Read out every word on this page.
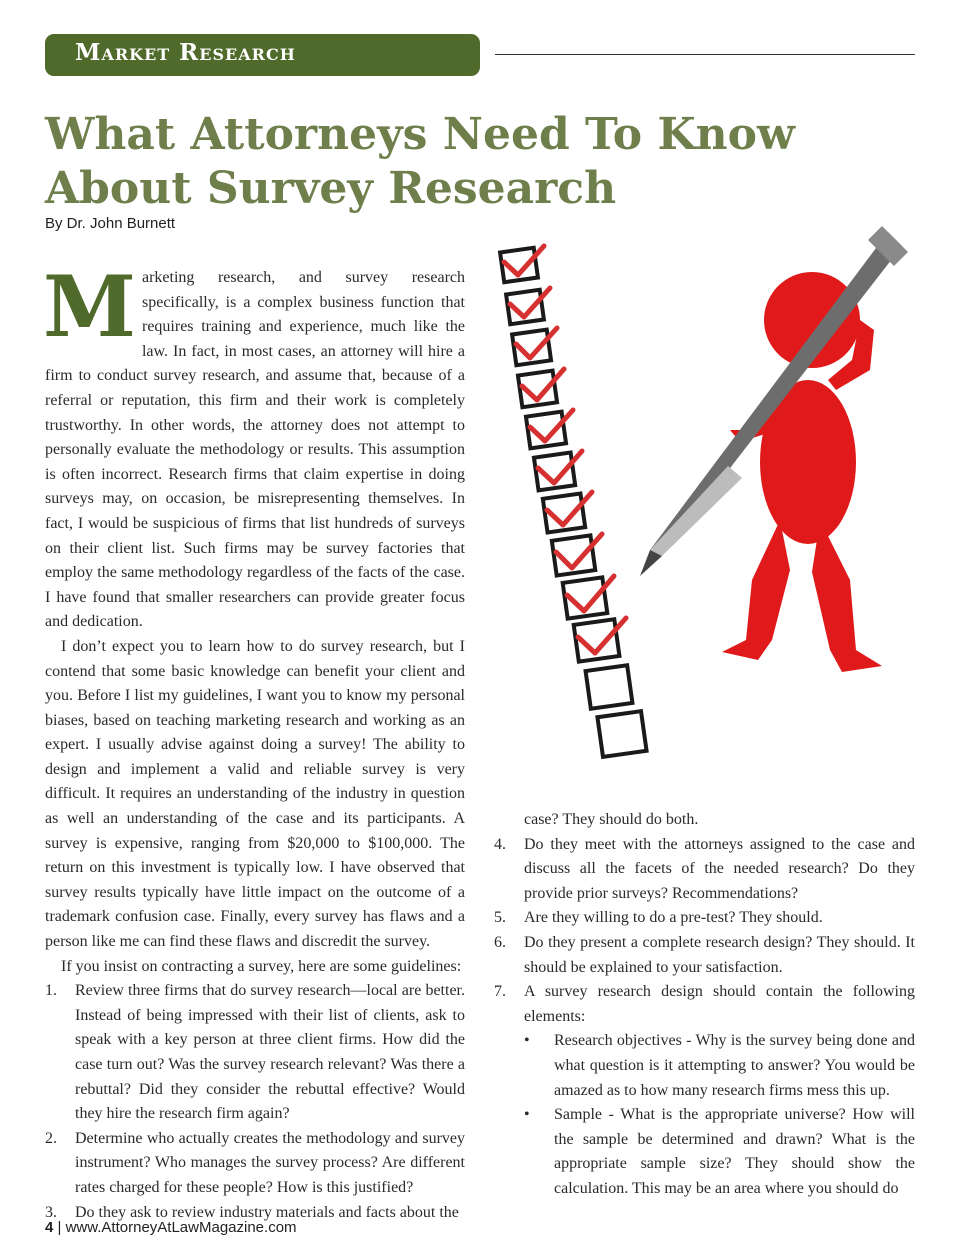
Market Research
What Attorneys Need To Know About Survey Research
By Dr. John Burnett

Marketing research, and survey research specifically, is a complex business function that requires training and experience, much like the law. In fact, in most cases, an attorney will hire a firm to conduct survey research, and assume that, because of a referral or reputation, this firm and their work is completely trustworthy. In other words, the attorney does not attempt to personally evaluate the methodology or results. This assumption is often incorrect. Research firms that claim expertise in doing surveys may, on occasion, be misrepresenting themselves. In fact, I would be suspicious of firms that list hundreds of surveys on their client list. Such firms may be survey factories that employ the same methodology regardless of the facts of the case. I have found that smaller researchers can provide greater focus and dedication.

I don’t expect you to learn how to do survey research, but I contend that some basic knowledge can benefit your client and you. Before I list my guidelines, I want you to know my personal biases, based on teaching marketing research and working as an expert. I usually advise against doing a survey! The ability to design and implement a valid and reliable survey is very difficult. It requires an understanding of the industry in question as well an understanding of the case and its participants. A survey is expensive, ranging from $20,000 to $100,000. The return on this investment is typically low. I have observed that survey results typically have little impact on the outcome of a trademark confusion case. Finally, every survey has flaws and a person like me can find these flaws and discredit the survey.

If you insist on contracting a survey, here are some guidelines:

1. Review three firms that do survey research—local are better. Instead of being impressed with their list of clients, ask to speak with a key person at three client firms. How did the case turn out? Was the survey research relevant? Was there a rebuttal? Did they consider the rebuttal effective? Would they hire the research firm again?
2. Determine who actually creates the methodology and survey instrument? Who manages the survey process? Are different rates charged for these people? How is this justified?
3. Do they ask to review industry materials and facts about the

case? They should do both.

4. Do they meet with the attorneys assigned to the case and discuss all the facets of the needed research? Do they provide prior surveys? Recommendations?
5. Are they willing to do a pre-test? They should.
6. Do they present a complete research design? They should. It should be explained to your satisfaction.
7. A survey research design should contain the following elements:
• Research objectives - Why is the survey being done and what question is it attempting to answer? You would be amazed as to how many research firms mess this up.
• Sample - What is the appropriate universe? How will the sample be determined and drawn? What is the appropriate sample size? They should show the calculation. This may be an area where you should do
4 | www.AttorneyAtLawMagazine.com
